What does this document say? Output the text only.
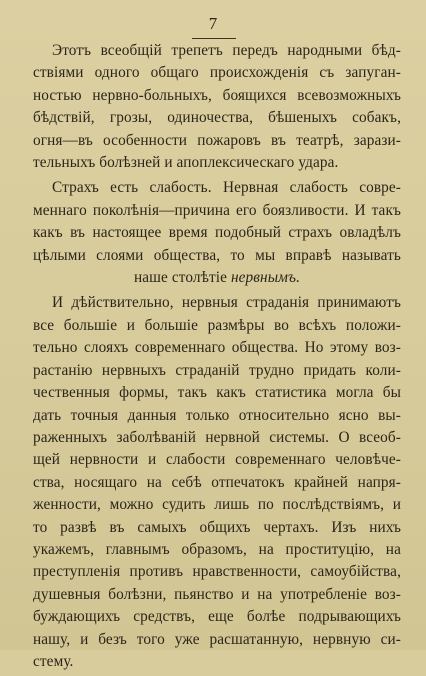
7
Этотъ всеобщій трепетъ передъ народными бѣд-
ствіями одного общаго происхожденія съ запуган-
ностью нервно-больныхъ, боящихся всевозможныхъ
бѣдствій, грозы, одиночества, бѣшеныхъ собакъ,
огня—въ особенности пожаровъ въ театрѣ, зарази-
тельныхъ болѣзней и апоплексическаго удара.
Страхъ есть слабость. Нервная слабость совре-
меннаго поколѣнія—причина его боязливости. И такъ
какъ въ настоящее время подобный страхъ овладѣлъ
цѣлыми слоями общества, то мы вправѣ называть
наше столѣтіе нервнымъ.
И дѣйствительно, нервныя страданія принимаютъ
все большіе и большіе размѣры во всѣхъ положи-
тельно слояхъ современнаго общества. Но этому воз-
растанію нервныхъ страданій трудно придать коли-
чественныя формы, такъ какъ статистика могла бы
дать точныя данныя только относительно ясно вы-
раженныхъ заболѣваній нервной системы. О всеоб-
щей нервности и слабости современнаго человѣче-
ства, носящаго на себѣ отпечатокъ крайней напря-
женности, можно судить лишь по послѣдствіямъ, и
то развѣ въ самыхъ общихъ чертахъ. Изъ нихъ
укажемъ, главнымъ образомъ, на проституцію, на
преступленія противъ нравственности, самоубійства,
душевныя болѣзни, пьянство и на употребленіе воз-
буждающихъ средствъ, еще болѣе подрывающихъ
нашу, и безъ того уже расшатанную, нервную си-
стему.
